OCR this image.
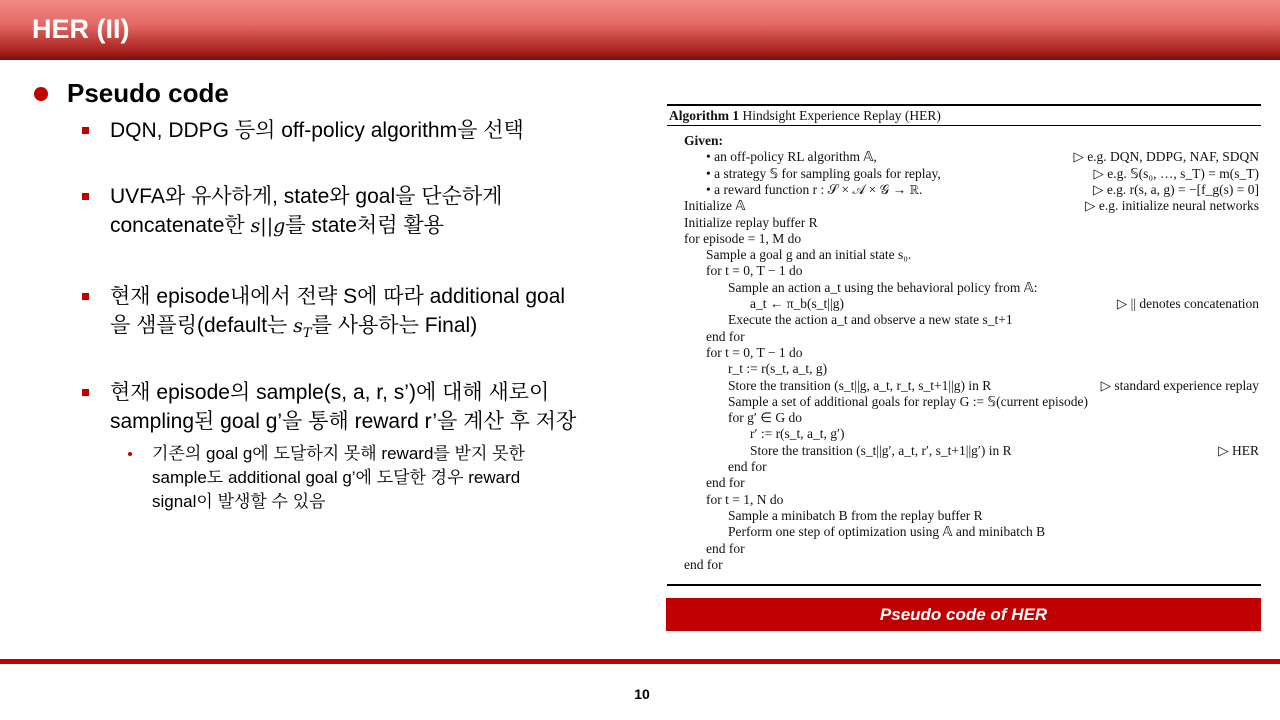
HER (II)
Pseudo code
DQN, DDPG 등의 off-policy algorithm을 선택
UVFA와 유사하게, state와 goal을 단순하게
concatenate한 s||g를 state처럼 활용
현재 episode내에서 전략 S에 따라 additional goal
을 샘플링(default는 $s_T$를 사용하는 Final)
현재 episode의 sample(s, a, r, s’)에 대해 새로이
sampling된 goal g’을 통해 reward r’을 계산 후 저장
기존의 goal g에 도달하지 못해 reward를 받지 못한
sample도 additional goal g’에 도달한 경우 reward
signal이 발생할 수 있음
Algorithm 1 Hindsight Experience Replay (HER)
Given:
• an off-policy RL algorithm 𝔸,	▷ e.g. DQN, DDPG, NAF, SDQN
• a strategy 𝕊 for sampling goals for replay,	▷ e.g. 𝕊(s₀, …, s_T) = m(s_T)
• a reward function r : 𝒮 × 𝒜 × 𝒢 → ℝ.	▷ e.g. r(s, a, g) = −[f_g(s) = 0]
Initialize 𝔸	▷ e.g. initialize neural networks
Initialize replay buffer R
for episode = 1, M do
Sample a goal g and an initial state s₀.
for t = 0, T − 1 do
Sample an action a_t using the behavioral policy from 𝔸:
a_t ← π_b(s_t||g)	▷ || denotes concatenation
Execute the action a_t and observe a new state s_t+1
end for
for t = 0, T − 1 do
r_t := r(s_t, a_t, g)
Store the transition (s_t||g, a_t, r_t, s_t+1||g) in R	▷ standard experience replay
Sample a set of additional goals for replay G := 𝕊(current episode)
for g′ ∈ G do
r′ := r(s_t, a_t, g′)
Store the transition (s_t||g′, a_t, r′, s_t+1||g′) in R	▷ HER
end for
end for
for t = 1, N do
Sample a minibatch B from the replay buffer R
Perform one step of optimization using 𝔸 and minibatch B
end for
end for
Pseudo code of HER
10
